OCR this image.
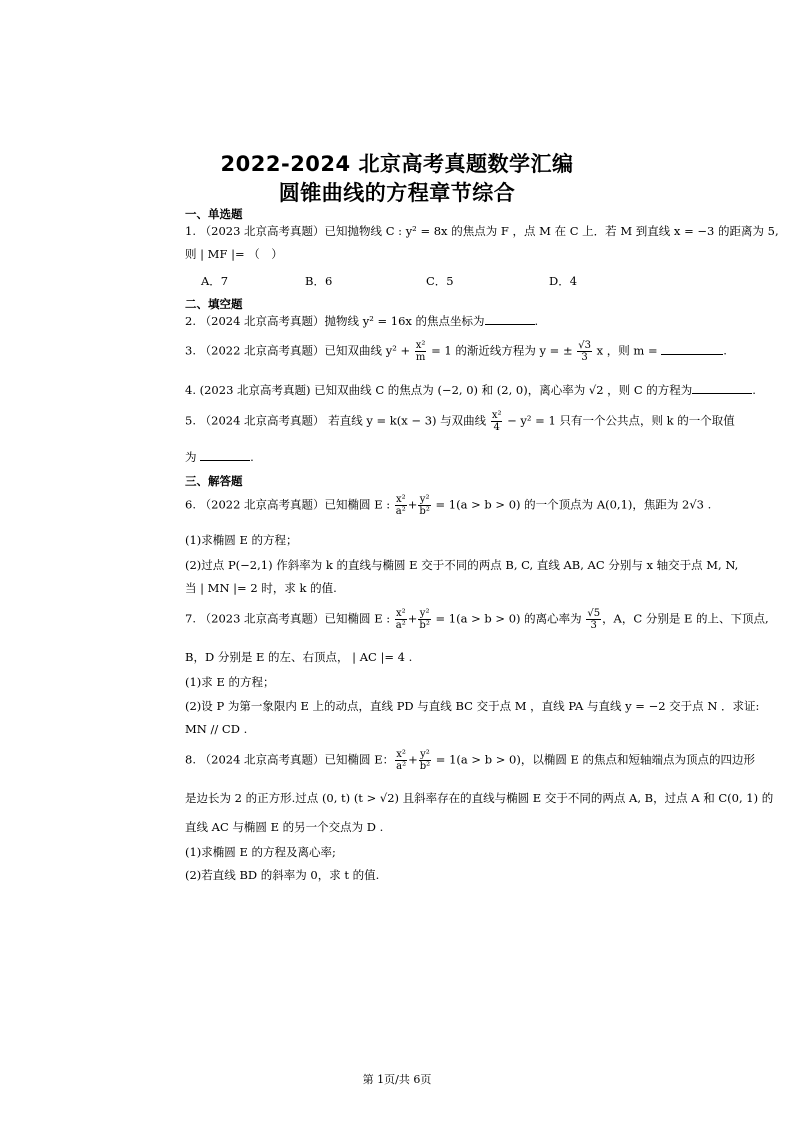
2022-2024 北京高考真题数学汇编
圆锥曲线的方程章节综合
一、单选题
1. （2023 北京高考真题）已知抛物线 C : y² = 8x 的焦点为 F ，点 M 在 C 上．若 M 到直线 x = −3 的距离为 5,
则 | MF |= （　）
A．7	B．6	C．5	D．4
二、填空题
2. （2024 北京高考真题）抛物线 y² = 16x 的焦点坐标为	.
3. （2022 北京高考真题）已知双曲线 $y^2 + \frac{\text{x²}}{m} = 1$ 的渐近线方程为 y = ± $\frac{√3}{3}$ x ，则 m =	.
4. (2023 北京高考真题) 已知双曲线 C 的焦点为 (−2, 0) 和 (2, 0)，离心率为 √2 ，则 C 的方程为	.
5. （2024 北京高考真题） 若直线 y = k(x − 3) 与双曲线 $\frac{\text{x²}}{4} - y^2 = 1$ 只有一个公共点，则 k 的一个取值
为	.
三、解答题
6. （2022 北京高考真题）已知椭圆 E : $\frac{\text{x²}}{\text{a²}} + \frac{\text{y²}}{\text{b²}} = 1(a > b > 0)$ 的一个顶点为 A(0,1)，焦距为 2√3 .
(1)求椭圆 E 的方程；
(2)过点 P(−2,1) 作斜率为 k 的直线与椭圆 E 交于不同的两点 B, C, 直线 AB, AC 分别与 x 轴交于点 M, N,
当 | MN |= 2 时，求 k 的值.
7. （2023 北京高考真题）已知椭圆 E : $\frac{\text{x²}}{\text{a²}} + \frac{\text{y²}}{\text{b²}} = 1(a > b > 0)$ 的离心率为 $\frac{√5}{3}$ ，A，C 分别是 E 的上、下顶点,
B，D 分别是 E 的左、右顶点， | AC |= 4 .
(1)求 E 的方程；
(2)设 P 为第一象限内 E 上的动点，直线 PD 与直线 BC 交于点 M ，直线 PA 与直线 y = −2 交于点 N ．求证:
MN // CD .
8. （2024 北京高考真题）已知椭圆 E： $\frac{\text{x²}}{\text{a²}} + \frac{\text{y²}}{\text{b²}} = 1(a > b > 0)$，以椭圆 E 的焦点和短轴端点为顶点的四边形
是边长为 2 的正方形.过点 (0, t) (t > √2) 且斜率存在的直线与椭圆 E 交于不同的两点 A, B，过点 A 和 C(0, 1) 的
直线 AC 与椭圆 E 的另一个交点为 D .
(1)求椭圆 E 的方程及离心率;
(2)若直线 BD 的斜率为 0，求 t 的值.
第 1页/共 6页
